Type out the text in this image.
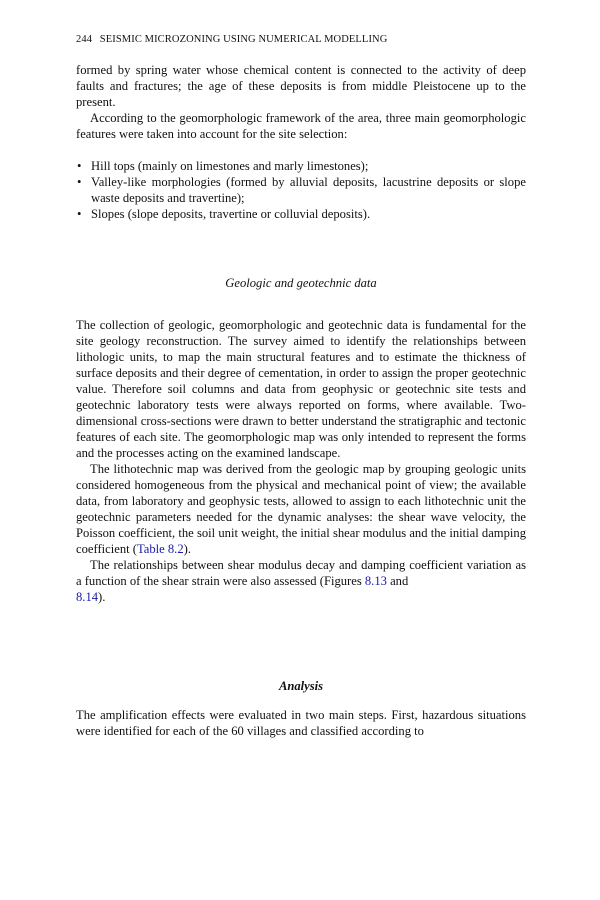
244 SEISMIC MICROZONING USING NUMERICAL MODELLING

formed by spring water whose chemical content is connected to the activity of deep faults and fractures; the age of these deposits is from middle Pleistocene up to the present.

According to the geomorphologic framework of the area, three main geomorphologic features were taken into account for the site selection:

• Hill tops (mainly on limestones and marly limestones);
• Valley-like morphologies (formed by alluvial deposits, lacustrine deposits or slope waste deposits and travertine);
• Slopes (slope deposits, travertine or colluvial deposits).
Geologic and geotechnic data

The collection of geologic, geomorphologic and geotechnic data is fundamental for the site geology reconstruction. The survey aimed to identify the relationships between lithologic units, to map the main structural features and to estimate the thickness of surface deposits and their degree of cementation, in order to assign the proper geotechnic value. Therefore soil columns and data from geophysic or geotechnic site tests and geotechnic laboratory tests were always reported on forms, where available. Two-dimensional cross-sections were drawn to better understand the stratigraphic and tectonic features of each site. The geomorphologic map was only intended to represent the forms and the processes acting on the examined landscape.

The lithotechnic map was derived from the geologic map by grouping geologic units considered homogeneous from the physical and mechanical point of view; the available data, from laboratory and geophysic tests, allowed to assign to each lithotechnic unit the geotechnic parameters needed for the dynamic analyses: the shear wave velocity, the Poisson coefficient, the soil unit weight, the initial shear modulus and the initial damping coefficient (Table 8.2).

The relationships between shear modulus decay and damping coefficient variation as a function of the shear strain were also assessed (Figures 8.13 and
8.14).

Analysis

The amplification effects were evaluated in two main steps. First, hazardous situations were identified for each of the 60 villages and classified according to
